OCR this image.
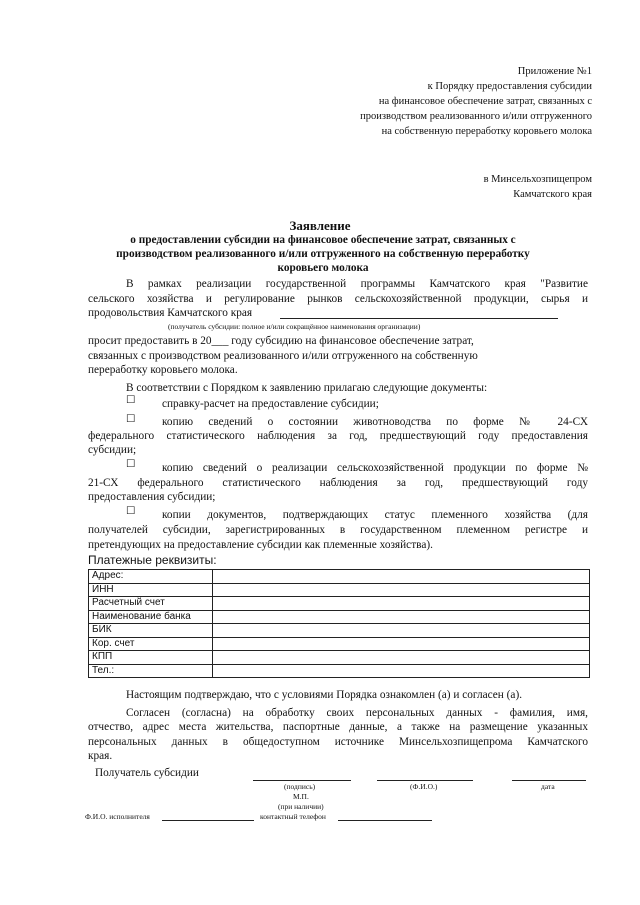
Приложение №1
к Порядку предоставления субсидии
на финансовое обеспечение затрат, связанных с
производством реализованного и/или отгруженного
на собственную переработку коровьего молока
в Минсельхозпищепром
Камчатского края
Заявление
о предоставлении субсидии на финансовое обеспечение затрат, связанных с
производством реализованного и/или отгруженного на собственную переработку
коровьего молока
В рамках реализации государственной программы Камчатского края "Развитие
сельского хозяйства и регулирование рынков сельскохозяйственной продукции, сырья и
продовольствия Камчатского края
(получатель субсидии: полное и/или сокращённое наименования организации)
просит предоставить в 20___ году субсидию на финансовое обеспечение затрат,
связанных с производством реализованного и/или отгруженного на собственную
переработку коровьего молока.
В соответствии с Порядком к заявлению прилагаю следующие документы:
☐ справку-расчет на предоставление субсидии;
☐ копию сведений о состоянии животноводства по форме № 24-СХ
федерального статистического наблюдения за год, предшествующий году предоставления
субсидии;
☐ копию сведений о реализации сельскохозяйственной продукции по форме №
21-СХ федерального статистического наблюдения за год, предшествующий году
предоставления субсидии;
☐ копии документов, подтверждающих статус племенного хозяйства (для
получателей субсидии, зарегистрированных в государственном племенном регистре и
претендующих на предоставление субсидии как племенные хозяйства).
Платежные реквизиты:
Адрес:	
ИНН	
Расчетный счет	
Наименование банка	
БИК	
Кор. счет	
КПП	
Тел.:	
Настоящим подтверждаю, что с условиями Порядка ознакомлен (а) и согласен (а).
Согласен (согласна) на обработку своих персональных данных - фамилия, имя,
отчество, адрес места жительства, паспортные данные, а также на размещение указанных
персональных данных в общедоступном источнике Минсельхозпищепрома Камчатского
края.
Получатель субсидии
(подпись)	(Ф.И.О.)	дата
М.П.
(при наличии)
Ф.И.О. исполнителя	контактный телефон
